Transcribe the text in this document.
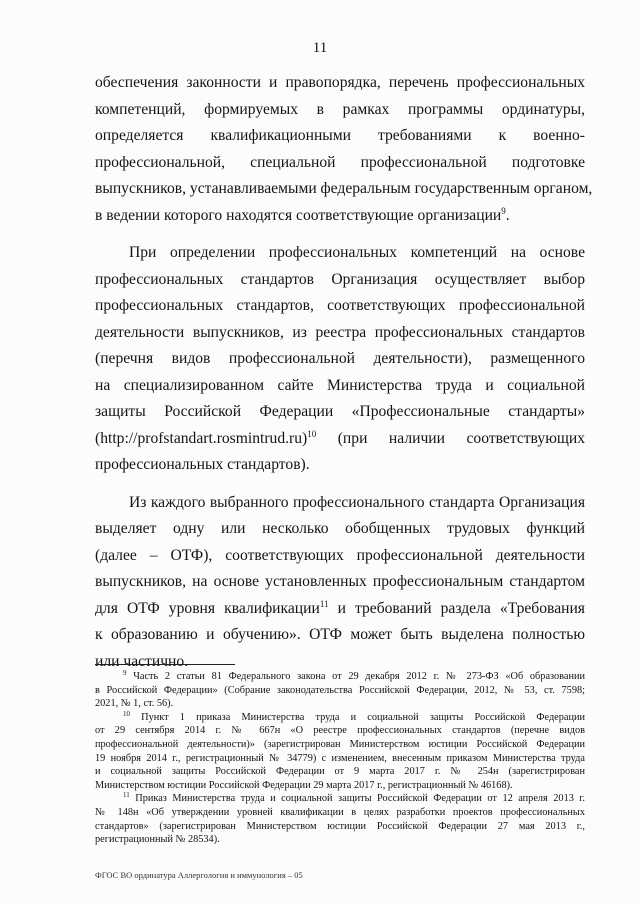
11
обеспечения законности и правопорядка, перечень профессиональных
компетенций, формируемых в рамках программы ординатуры,
определяется квалификационными требованиями к военно-
профессиональной, специальной профессиональной подготовке
выпускников, устанавливаемыми федеральным государственным органом,
в ведении которого находятся соответствующие организации$^9$.
При определении профессиональных компетенций на основе
профессиональных стандартов Организация осуществляет выбор
профессиональных стандартов, соответствующих профессиональной
деятельности выпускников, из реестра профессиональных стандартов
(перечня видов профессиональной деятельности), размещенного
на специализированном сайте Министерства труда и социальной
защиты Российской Федерации «Профессиональные стандарты»
(http://profstandart.rosmintrud.ru)$^{10}$ (при наличии соответствующих
профессиональных стандартов).
Из каждого выбранного профессионального стандарта Организация
выделяет одну или несколько обобщенных трудовых функций
(далее – ОТФ), соответствующих профессиональной деятельности
выпускников, на основе установленных профессиональным стандартом
для ОТФ уровня квалификации$^{11}$ и требований раздела «Требования
к образованию и обучению». ОТФ может быть выделена полностью
или частично.
$^9$ Часть 2 статьи 81 Федерального закона от 29 декабря 2012 г. № 273-ФЗ «Об образовании
в Российской Федерации» (Собрание законодательства Российской Федерации, 2012, № 53, ст. 7598;
2021, № 1, ст. 56).
$^{10}$ Пункт 1 приказа Министерства труда и социальной защиты Российской Федерации
от 29 сентября 2014 г. № 667н «О реестре профессиональных стандартов (перечне видов
профессиональной деятельности)» (зарегистрирован Министерством юстиции Российской Федерации
19 ноября 2014 г., регистрационный № 34779) с изменением, внесенным приказом Министерства труда
и социальной защиты Российской Федерации от 9 марта 2017 г. № 254н (зарегистрирован
Министерством юстиции Российской Федерации 29 марта 2017 г., регистрационный № 46168).
$^{11}$ Приказ Министерства труда и социальной защиты Российской Федерации от 12 апреля 2013 г.
№ 148н «Об утверждении уровней квалификации в целях разработки проектов профессиональных
стандартов» (зарегистрирован Министерством юстиции Российской Федерации 27 мая 2013 г.,
регистрационный № 28534).
ФГОС ВО ординатура Аллергология и иммунология – 05
